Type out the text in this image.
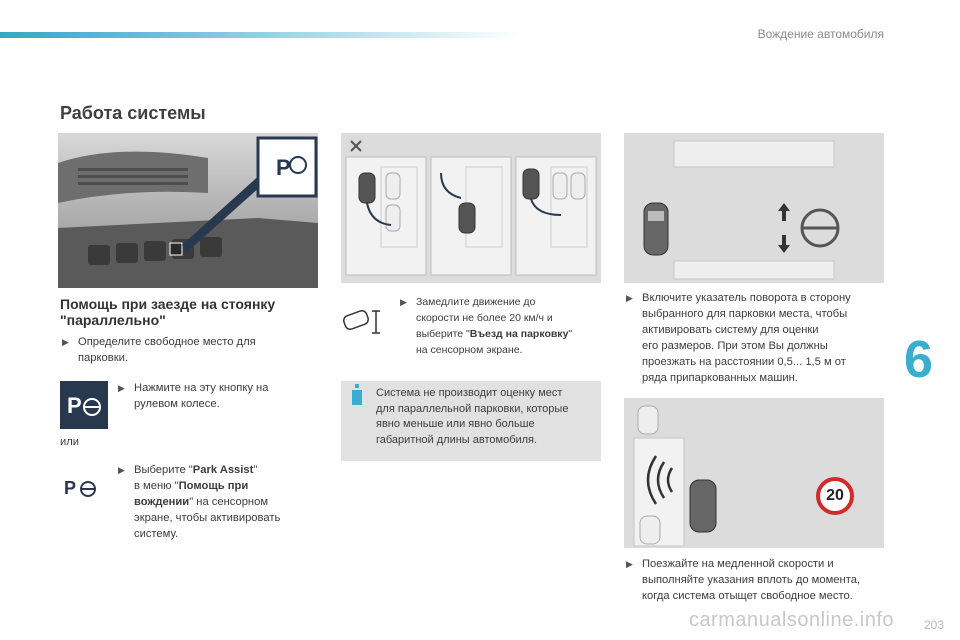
Вождение автомобиля
Работа системы
6
P
Помощь при заезде на стоянку
"параллельно"
▶ Определите свободное место для
парковки.
P
▶ Нажмите на эту кнопку на
рулевом колесе.
или
P
▶ Выберите "Park Assist"
в меню "Помощь при
вождении" на сенсорном
экране, чтобы активировать
систему.
▶ Замедлите движение до
скорости не более 20 км/ч и
выберите "Въезд на парковку"
на сенсорном экране.
Система не производит оценку мест
для параллельной парковки, которые
явно меньше или явно больше
габаритной длины автомобиля.
▶ Включите указатель поворота в сторону
выбранного для парковки места, чтобы
активировать систему для оценки
его размеров. При этом Вы должны
проезжать на расстоянии 0,5... 1,5 м от
ряда припаркованных машин.
20
▶ Поезжайте на медленной скорости и
выполняйте указания вплоть до момента,
когда система отыщет свободное место.
carmanualsonline.info 203
